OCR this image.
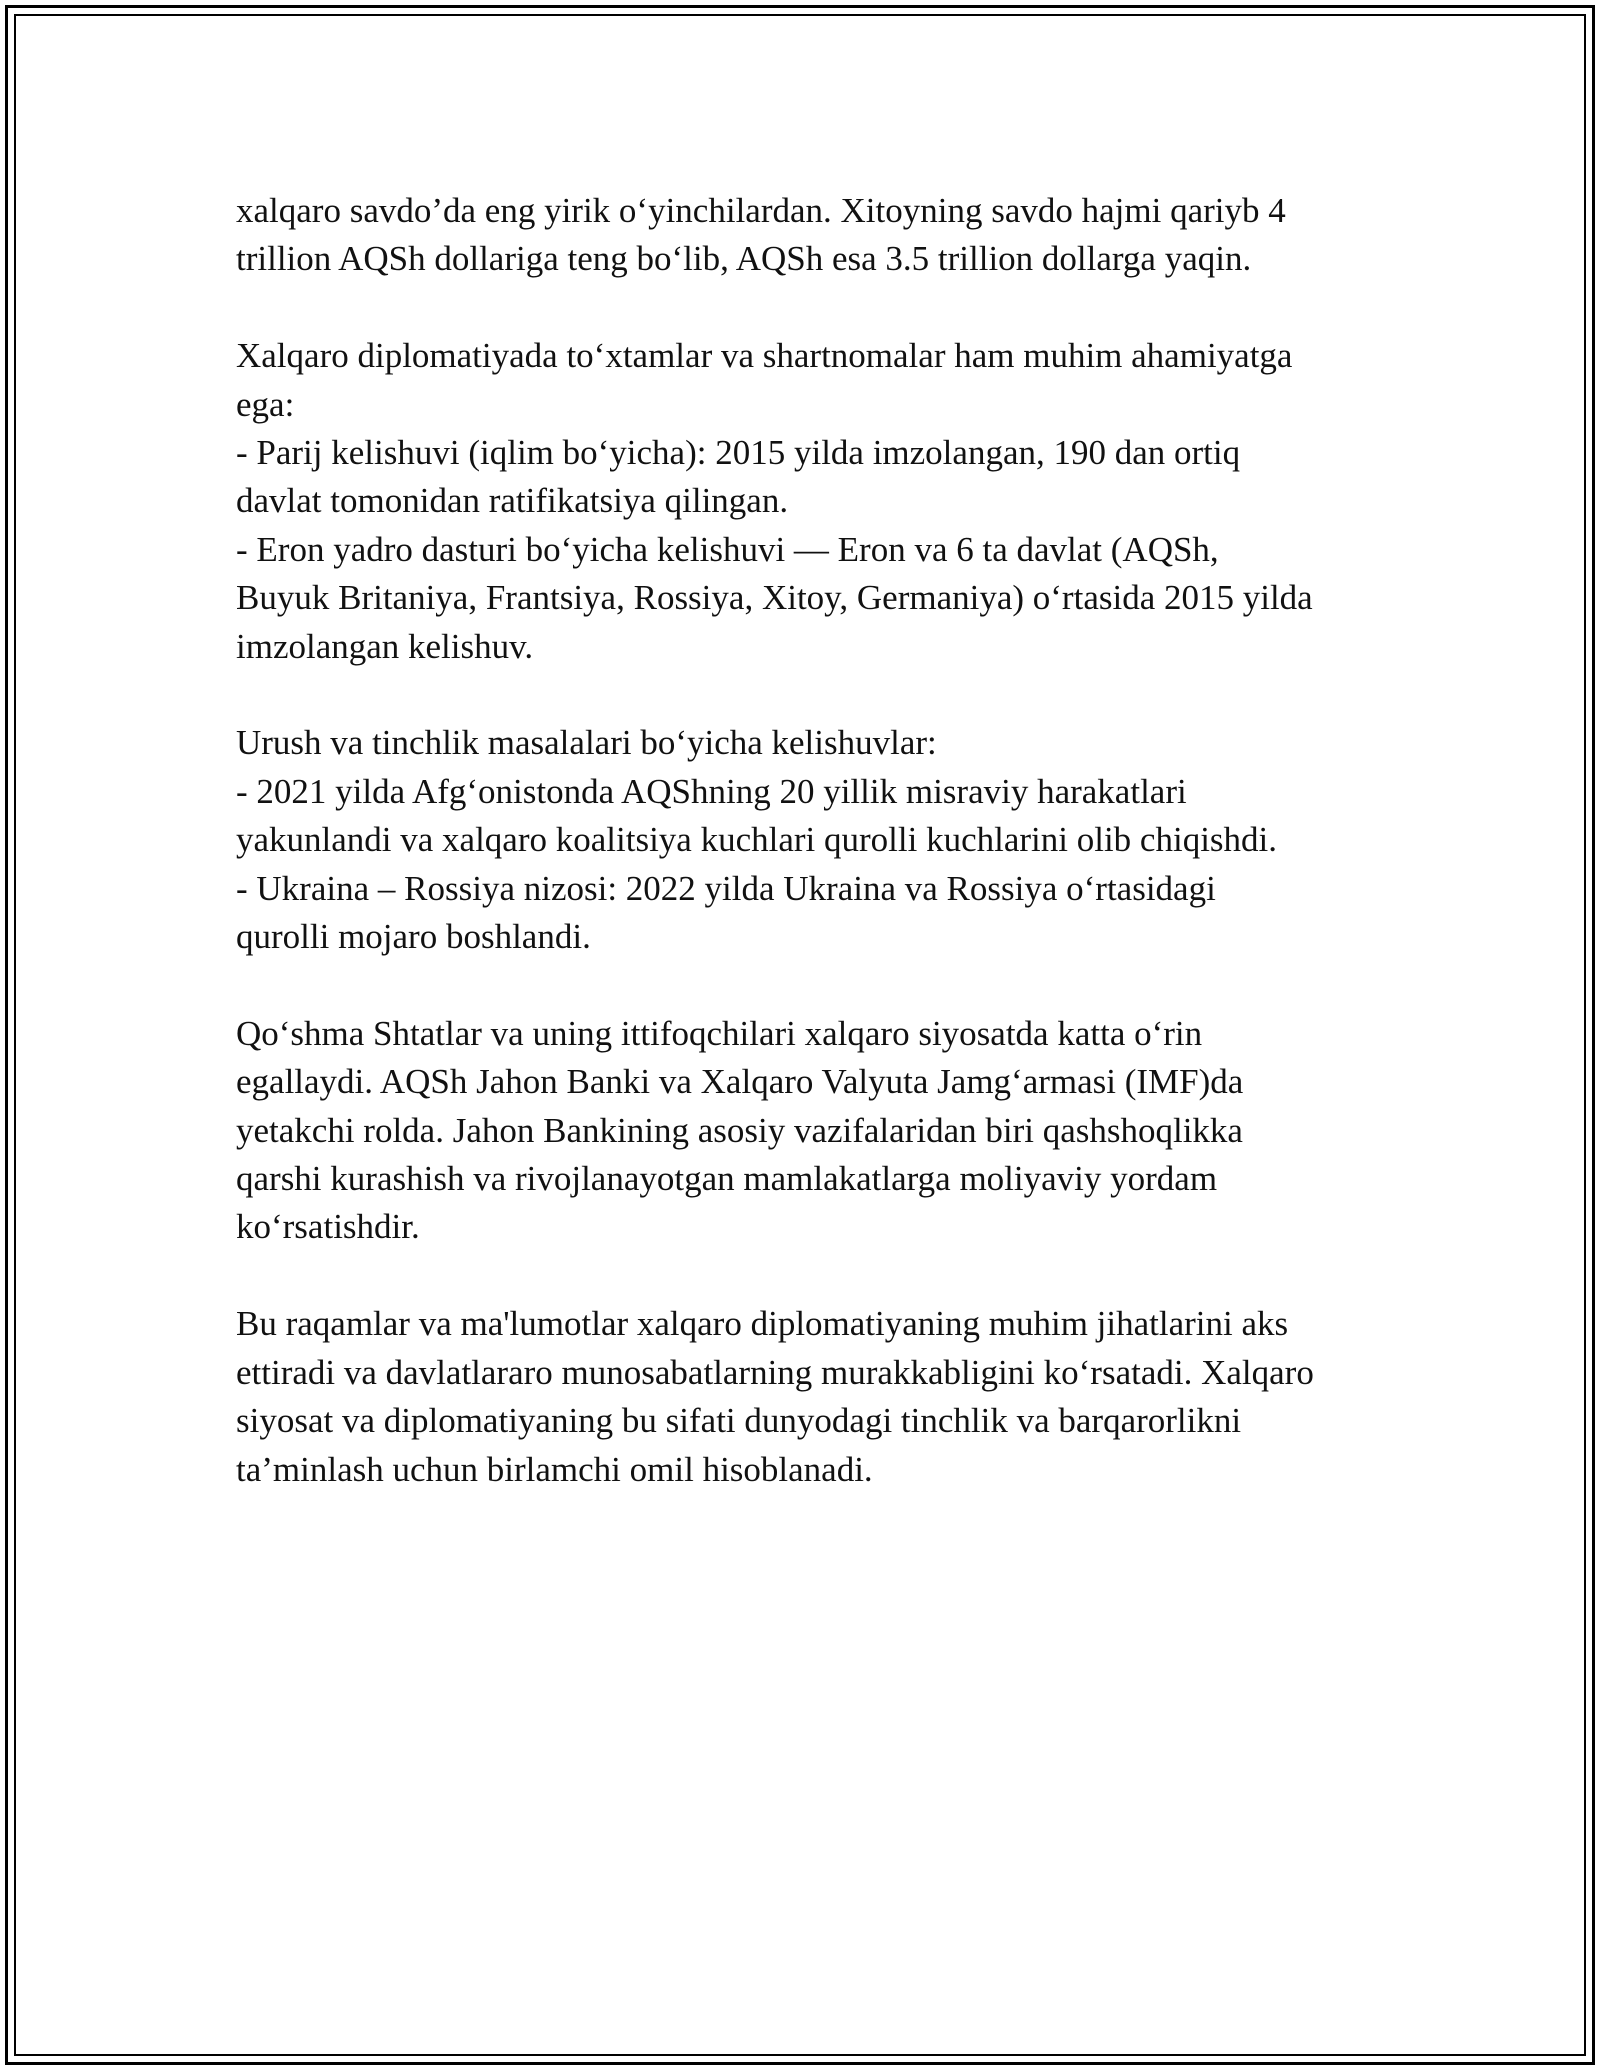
xalqaro savdo’da eng yirik o‘yinchilardan. Xitoyning savdo hajmi qariyb 4
trillion AQSh dollariga teng bo‘lib, AQSh esa 3.5 trillion dollarga yaqin.
Xalqaro diplomatiyada to‘xtamlar va shartnomalar ham muhim ahamiyatga
ega:
- Parij kelishuvi (iqlim bo‘yicha): 2015 yilda imzolangan, 190 dan ortiq
davlat tomonidan ratifikatsiya qilingan.
- Eron yadro dasturi bo‘yicha kelishuvi — Eron va 6 ta davlat (AQSh,
Buyuk Britaniya, Frantsiya, Rossiya, Xitoy, Germaniya) o‘rtasida 2015 yilda
imzolangan kelishuv.
Urush va tinchlik masalalari bo‘yicha kelishuvlar:
- 2021 yilda Afg‘onistonda AQShning 20 yillik misraviy harakatlari
yakunlandi va xalqaro koalitsiya kuchlari qurolli kuchlarini olib chiqishdi.
- Ukraina – Rossiya nizosi: 2022 yilda Ukraina va Rossiya o‘rtasidagi
qurolli mojaro boshlandi.
Qo‘shma Shtatlar va uning ittifoqchilari xalqaro siyosatda katta o‘rin
egallaydi. AQSh Jahon Banki va Xalqaro Valyuta Jamg‘armasi (IMF)da
yetakchi rolda. Jahon Bankining asosiy vazifalaridan biri qashshoqlikka
qarshi kurashish va rivojlanayotgan mamlakatlarga moliyaviy yordam
ko‘rsatishdir.
Bu raqamlar va ma'lumotlar xalqaro diplomatiyaning muhim jihatlarini aks
ettiradi va davlatlararo munosabatlarning murakkabligini ko‘rsatadi. Xalqaro
siyosat va diplomatiyaning bu sifati dunyodagi tinchlik va barqarorlikni
ta’minlash uchun birlamchi omil hisoblanadi.
